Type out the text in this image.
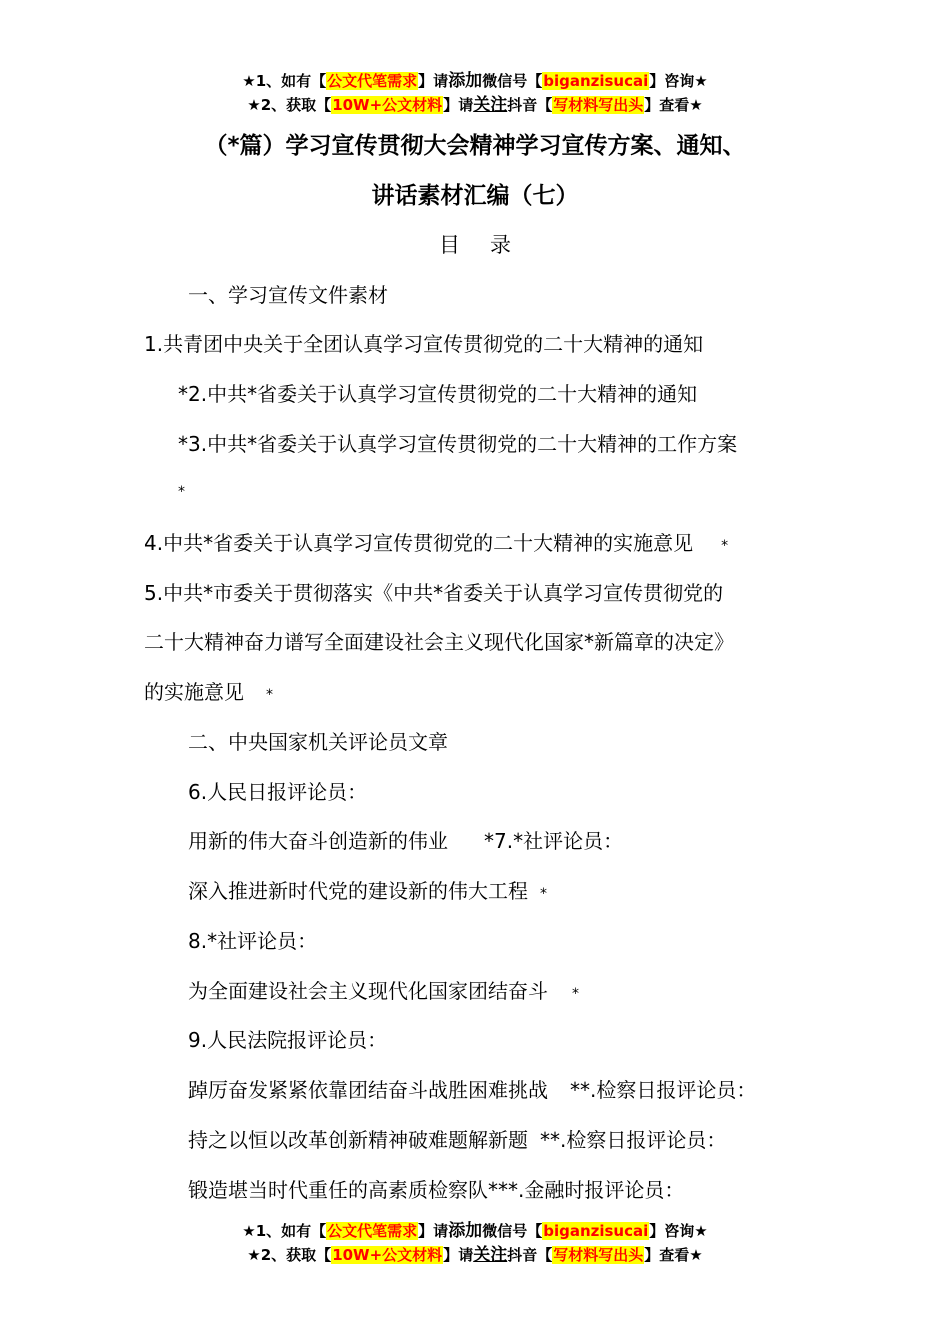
★1、如有【公文代笔需求】请添加微信号【biganzisucai】咨询★
★2、获取【10W+公文材料】请关注抖音【写材料写出头】查看★
（*篇）学习宣传贯彻大会精神学习宣传方案、通知、
讲话素材汇编（七）
目录
一、学习宣传文件素材
1.共青团中央关于全团认真学习宣传贯彻党的二十大精神的通知
*2.中共*省委关于认真学习宣传贯彻党的二十大精神的通知
*3.中共*省委关于认真学习宣传贯彻党的二十大精神的工作方案
*
4.中共*省委关于认真学习宣传贯彻党的二十大精神的实施意见 *
5.中共*市委关于贯彻落实《中共*省委关于认真学习宣传贯彻党的
二十大精神奋力谱写全面建设社会主义现代化国家*新篇章的决定》
的实施意见 *
二、中央国家机关评论员文章
6.人民日报评论员：
用新的伟大奋斗创造新的伟业 *7.*社评论员：
深入推进新时代党的建设新的伟大工程 *
8.*社评论员：
为全面建设社会主义现代化国家团结奋斗 *
9.人民法院报评论员：
踔厉奋发紧紧依靠团结奋斗战胜困难挑战 **.检察日报评论员：
持之以恒以改革创新精神破难题解新题 **.检察日报评论员：
锻造堪当时代重任的高素质检察队***.金融时报评论员：
★1、如有【公文代笔需求】请添加微信号【biganzisucai】咨询★
★2、获取【10W+公文材料】请关注抖音【写材料写出头】查看★
